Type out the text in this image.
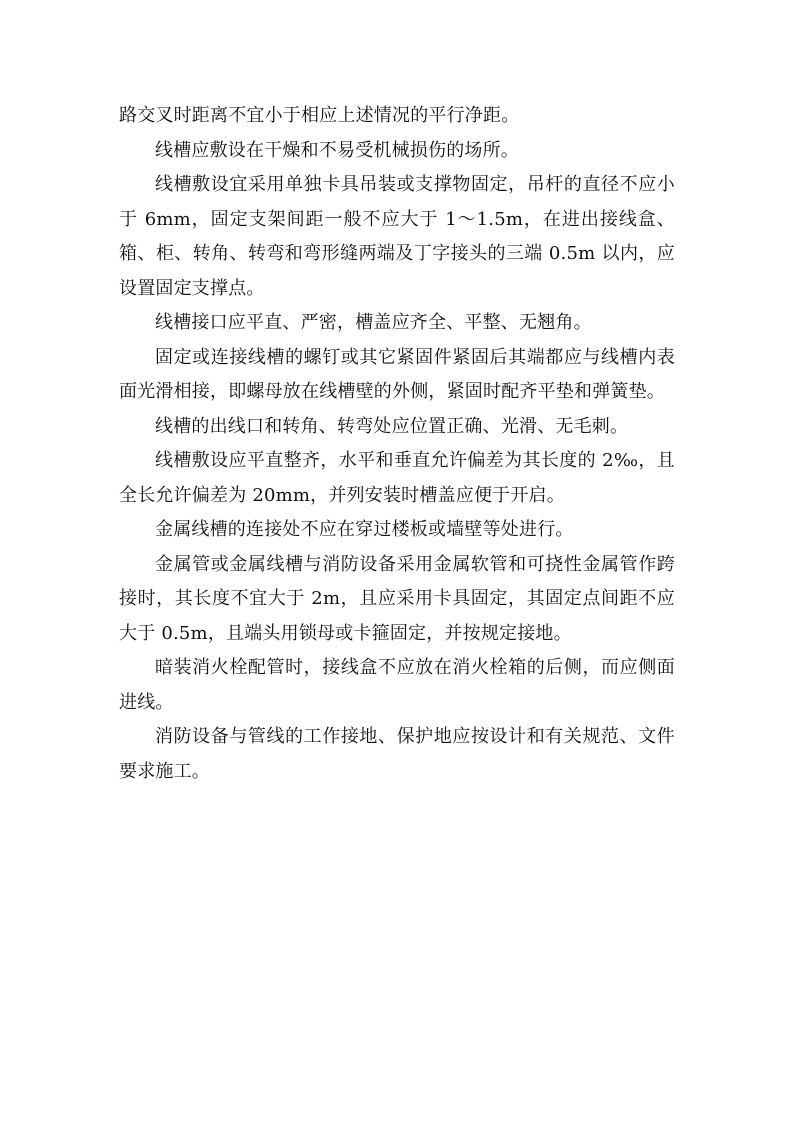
路交叉时距离不宜小于相应上述情况的平行净距。

线槽应敷设在干燥和不易受机械损伤的场所。

线槽敷设宜采用单独卡具吊装或支撑物固定，吊杆的直径不应小于 6mm，固定支架间距一般不应大于 1～1.5m，在进出接线盒、箱、柜、转角、转弯和弯形缝两端及丁字接头的三端 0.5m 以内，应设置固定支撑点。

线槽接口应平直、严密，槽盖应齐全、平整、无翘角。

固定或连接线槽的螺钉或其它紧固件紧固后其端都应与线槽内表面光滑相接，即螺母放在线槽壁的外侧，紧固时配齐平垫和弹簧垫。

线槽的出线口和转角、转弯处应位置正确、光滑、无毛刺。

线槽敷设应平直整齐，水平和垂直允许偏差为其长度的 2‰，且全长允许偏差为 20mm，并列安装时槽盖应便于开启。

金属线槽的连接处不应在穿过楼板或墙壁等处进行。

金属管或金属线槽与消防设备采用金属软管和可挠性金属管作跨接时，其长度不宜大于 2m，且应采用卡具固定，其固定点间距不应大于 0.5m，且端头用锁母或卡箍固定，并按规定接地。

暗装消火栓配管时，接线盒不应放在消火栓箱的后侧，而应侧面进线。

消防设备与管线的工作接地、保护地应按设计和有关规范、文件要求施工。
